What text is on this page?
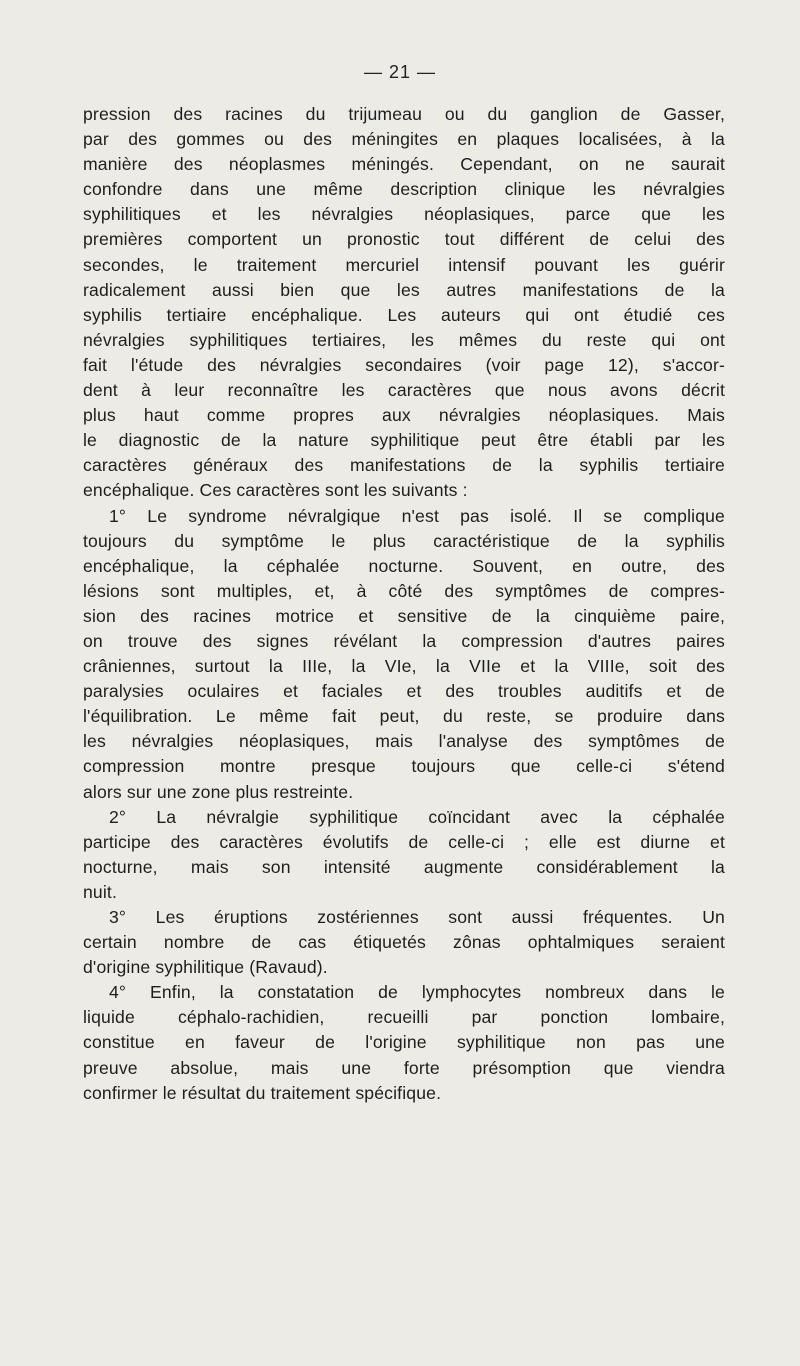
— 21 —
pression des racines du trijumeau ou du ganglion de Gasser,
par des gommes ou des méningites en plaques localisées, à la
manière des néoplasmes méningés. Cependant, on ne saurait
confondre dans une même description clinique les névralgies
syphilitiques et les névralgies néoplasiques, parce que les
premières comportent un pronostic tout différent de celui des
secondes, le traitement mercuriel intensif pouvant les guérir
radicalement aussi bien que les autres manifestations de la
syphilis tertiaire encéphalique. Les auteurs qui ont étudié ces
névralgies syphilitiques tertiaires, les mêmes du reste qui ont
fait l'étude des névralgies secondaires (voir page 12), s'accor-
dent à leur reconnaître les caractères que nous avons décrit
plus haut comme propres aux névralgies néoplasiques. Mais
le diagnostic de la nature syphilitique peut être établi par les
caractères généraux des manifestations de la syphilis tertiaire
encéphalique. Ces caractères sont les suivants :
1° Le syndrome névralgique n'est pas isolé. Il se complique
toujours du symptôme le plus caractéristique de la syphilis
encéphalique, la céphalée nocturne. Souvent, en outre, des
lésions sont multiples, et, à côté des symptômes de compres-
sion des racines motrice et sensitive de la cinquième paire,
on trouve des signes révélant la compression d'autres paires
crâniennes, surtout la IIIe, la VIe, la VIIe et la VIIIe, soit des
paralysies oculaires et faciales et des troubles auditifs et de
l'équilibration. Le même fait peut, du reste, se produire dans
les névralgies néoplasiques, mais l'analyse des symptômes de
compression montre presque toujours que celle-ci s'étend
alors sur une zone plus restreinte.
2° La névralgie syphilitique coïncidant avec la céphalée
participe des caractères évolutifs de celle-ci ; elle est diurne et
nocturne, mais son intensité augmente considérablement la
nuit.
3° Les éruptions zostériennes sont aussi fréquentes. Un
certain nombre de cas étiquetés zônas ophtalmiques seraient
d'origine syphilitique (Ravaud).
4° Enfin, la constatation de lymphocytes nombreux dans le
liquide céphalo-rachidien, recueilli par ponction lombaire,
constitue en faveur de l'origine syphilitique non pas une
preuve absolue, mais une forte présomption que viendra
confirmer le résultat du traitement spécifique.
